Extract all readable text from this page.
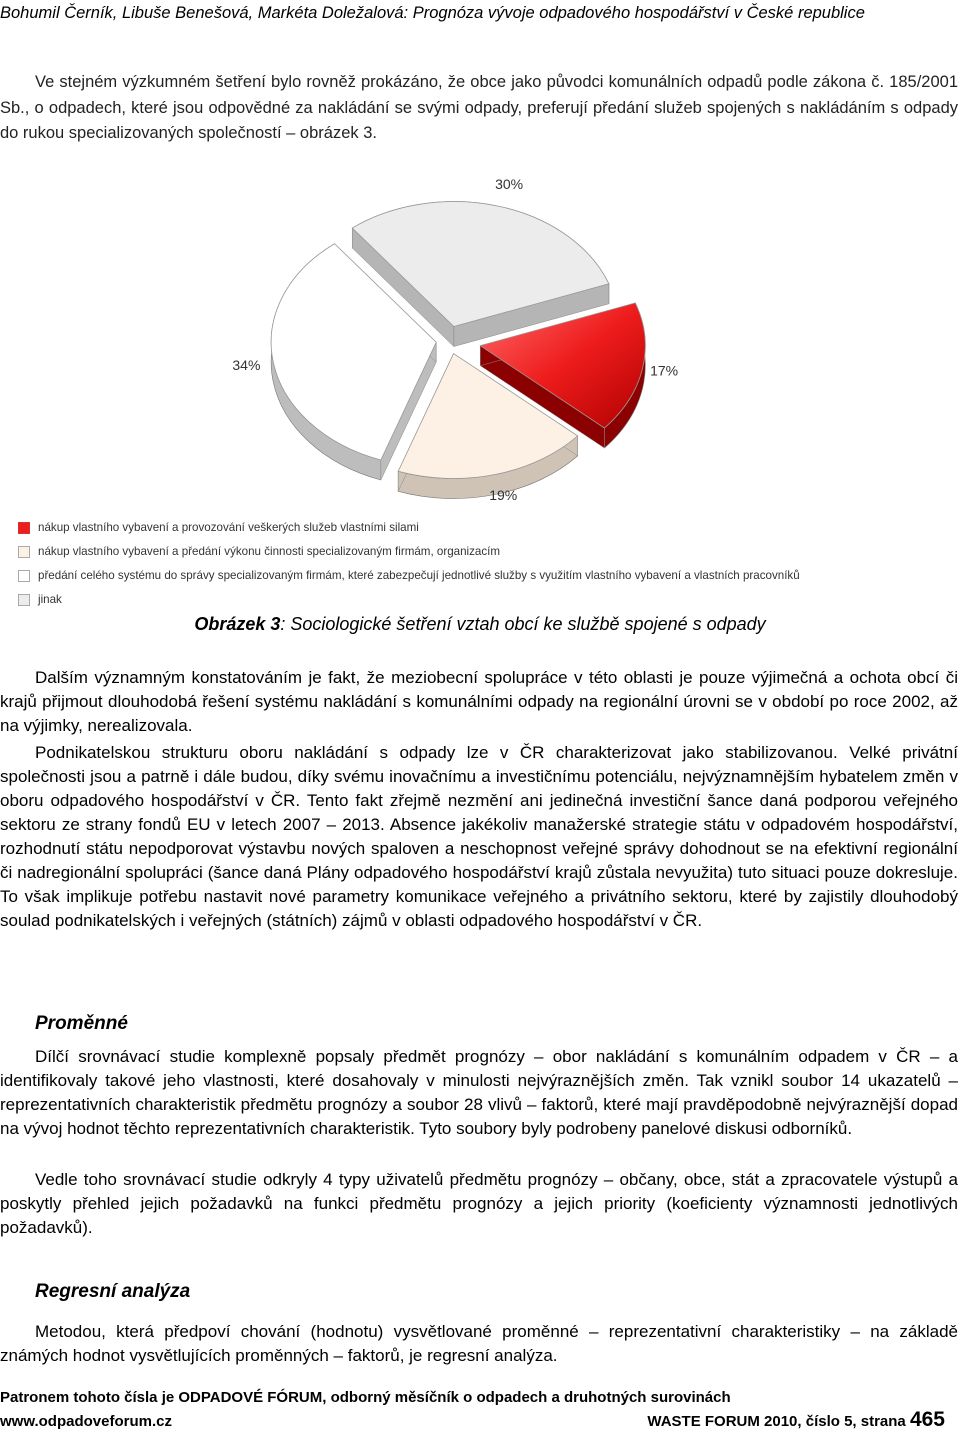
Bohumil Černík, Libuše Benešová, Markéta Doležalová: Prognóza vývoje odpadového hospodářství v České republice

Ve stejném výzkumném šetření bylo rovněž prokázáno, že obce jako původci komunálních odpadů podle zákona č. 185/2001 Sb., o odpadech, které jsou odpovědné za nakládání se svými odpady, preferují předání služeb spojených s nakládáním s odpady do rukou specializovaných společností – obrázek 3.

17%
19%
34%
30%
nákup vlastního vybavení a provozování veškerých služeb vlastními silami
nákup vlastního vybavení a předání výkonu činnosti specializovaným firmám, organizacím
předání celého systému do správy specializovaným firmám, které zabezpečují jednotlivé služby s využitím vlastního vybavení a vlastních pracovníků
jinak
Obrázek 3: Sociologické šetření vztah obcí ke službě spojené s odpady

Dalším významným konstatováním je fakt, že meziobecní spolupráce v této oblasti je pouze výjimečná a ochota obcí či krajů přijmout dlouhodobá řešení systému nakládání s komunálními odpady na regionální úrovni se v období po roce 2002, až na výjimky, nerealizovala.

Podnikatelskou strukturu oboru nakládání s odpady lze v ČR charakterizovat jako stabilizovanou. Velké privátní společnosti jsou a patrně i dále budou, díky svému inovačnímu a investičnímu potenciálu, nejvýznamnějším hybatelem změn v oboru odpadového hospodářství v ČR. Tento fakt zřejmě nezmění ani jedinečná investiční šance daná podporou veřejného sektoru ze strany fondů EU v letech 2007 – 2013. Absence jakékoliv manažerské strategie státu v odpadovém hospodářství, rozhodnutí státu nepodporovat výstavbu nových spaloven a neschopnost veřejné správy dohodnout se na efektivní regionální či nadregionální spolupráci (šance daná Plány odpadového hospodářství krajů zůstala nevyužita) tuto situaci pouze dokresluje. To však implikuje potřebu nastavit nové parametry komunikace veřejného a privátního sektoru, které by zajistily dlouhodobý soulad podnikatelských i veřejných (státních) zájmů v oblasti odpadového hospodářství v ČR.

Proměnné

Dílčí srovnávací studie komplexně popsaly předmět prognózy – obor nakládání s komunálním odpadem v ČR – a identifikovaly takové jeho vlastnosti, které dosahovaly v minulosti nejvýraznějších změn. Tak vznikl soubor 14 ukazatelů – reprezentativních charakteristik předmětu prognózy a soubor 28 vlivů – faktorů, které mají pravděpodobně nejvýraznější dopad na vývoj hodnot těchto reprezentativních charakteristik. Tyto soubory byly podrobeny panelové diskusi odborníků.

Vedle toho srovnávací studie odkryly 4 typy uživatelů předmětu prognózy – občany, obce, stát a zpracovatele výstupů a poskytly přehled jejich požadavků na funkci předmětu prognózy a jejich priority (koeficienty významnosti jednotlivých požadavků).

Regresní analýza

Metodou, která předpoví chování (hodnotu) vysvětlované proměnné – reprezentativní charakteristiky – na základě známých hodnot vysvětlujících proměnných – faktorů, je regresní analýza.

Patronem tohoto čísla je ODPADOVÉ FÓRUM, odborný měsíčník o odpadech a druhotných surovinách
www.odpadoveforum.cz	WASTE FORUM 2010, číslo 5, strana 465
